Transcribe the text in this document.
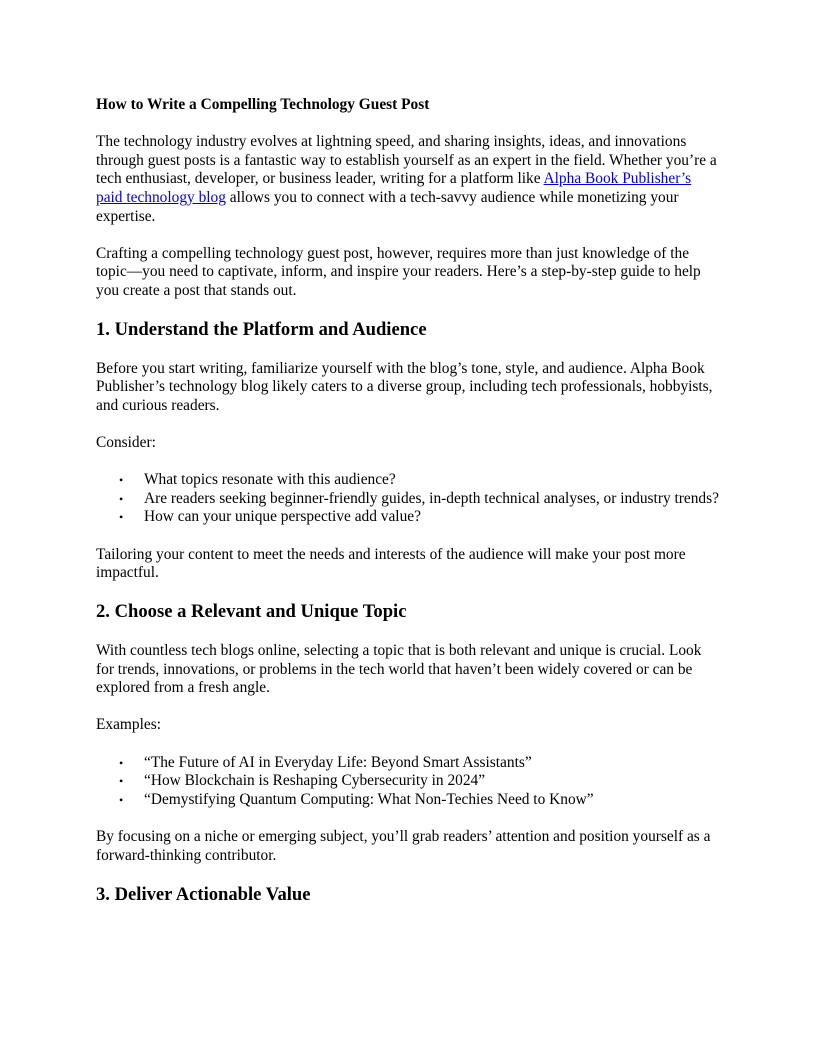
How to Write a Compelling Technology Guest Post

The technology industry evolves at lightning speed, and sharing insights, ideas, and innovations through guest posts is a fantastic way to establish yourself as an expert in the field. Whether you’re a tech enthusiast, developer, or business leader, writing for a platform like Alpha Book Publisher’s paid technology blog allows you to connect with a tech-savvy audience while monetizing your expertise.

Crafting a compelling technology guest post, however, requires more than just knowledge of the topic—you need to captivate, inform, and inspire your readers. Here’s a step-by-step guide to help you create a post that stands out.

1. Understand the Platform and Audience

Before you start writing, familiarize yourself with the blog’s tone, style, and audience. Alpha Book Publisher’s technology blog likely caters to a diverse group, including tech professionals, hobbyists, and curious readers.

Consider:

• What topics resonate with this audience?
• Are readers seeking beginner-friendly guides, in-depth technical analyses, or industry trends?
• How can your unique perspective add value?

Tailoring your content to meet the needs and interests of the audience will make your post more impactful.

2. Choose a Relevant and Unique Topic

With countless tech blogs online, selecting a topic that is both relevant and unique is crucial. Look for trends, innovations, or problems in the tech world that haven’t been widely covered or can be explored from a fresh angle.

Examples:

• “The Future of AI in Everyday Life: Beyond Smart Assistants”
• “How Blockchain is Reshaping Cybersecurity in 2024”
• “Demystifying Quantum Computing: What Non-Techies Need to Know”

By focusing on a niche or emerging subject, you’ll grab readers’ attention and position yourself as a forward-thinking contributor.

3. Deliver Actionable Value
